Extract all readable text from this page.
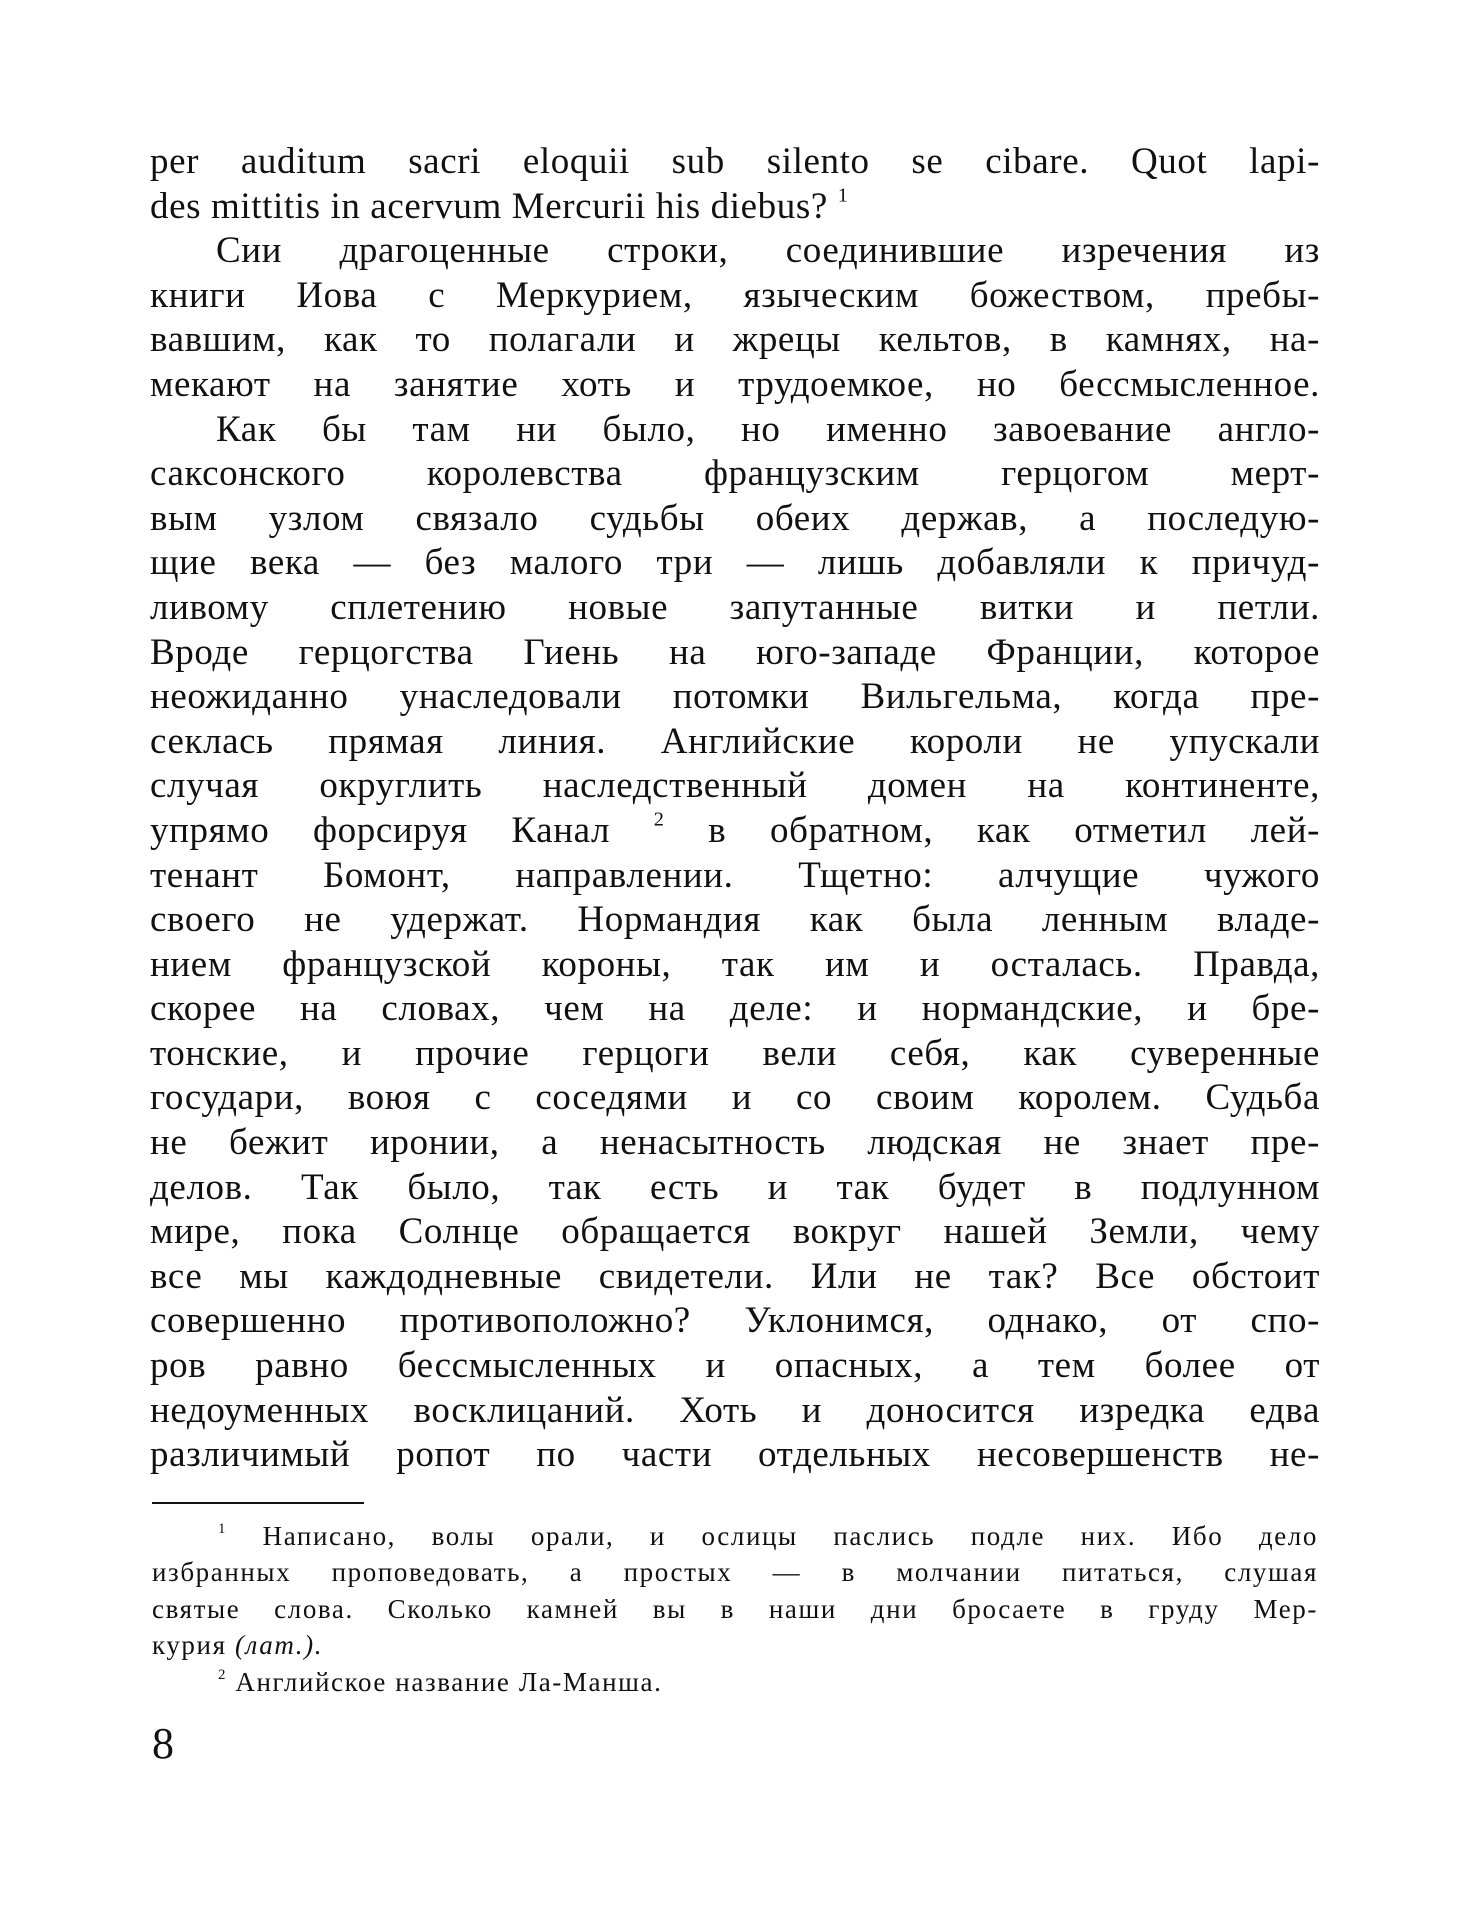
per auditum sacri eloquii sub silento se cibare. Quot lapi-
des mittitis in acervum Mercurii his diebus? $^1$
Сии драгоценные строки, соединившие изречения из
книги Иова с Меркурием, языческим божеством, пребы-
вавшим, как то полагали и жрецы кельтов, в камнях, на-
мекают на занятие хоть и трудоемкое, но бессмысленное.
Как бы там ни было, но именно завоевание англо-
саксонского королевства французским герцогом мерт-
вым узлом связало судьбы обеих держав, а последую-
щие века — без малого три — лишь добавляли к причуд-
ливому сплетению новые запутанные витки и петли.
Вроде герцогства Гиень на юго-западе Франции, которое
неожиданно унаследовали потомки Вильгельма, когда пре-
секлась прямая линия. Английские короли не упускали
случая округлить наследственный домен на континенте,
упрямо форсируя Канал $^2$ в обратном, как отметил лей-
тенант Бомонт, направлении. Тщетно: алчущие чужого
своего не удержат. Нормандия как была ленным владе-
нием французской короны, так им и осталась. Правда,
скорее на словах, чем на деле: и нормандские, и бре-
тонские, и прочие герцоги вели себя, как суверенные
государи, воюя с соседями и со своим королем. Судьба
не бежит иронии, а ненасытность людская не знает пре-
делов. Так было, так есть и так будет в подлунном
мире, пока Солнце обращается вокруг нашей Земли, чему
все мы каждодневные свидетели. Или не так? Все обстоит
совершенно противоположно? Уклонимся, однако, от спо-
ров равно бессмысленных и опасных, а тем более от
недоуменных восклицаний. Хоть и доносится изредка едва
различимый ропот по части отдельных несовершенств не-
$^1$ Написано, волы орали, и ослицы паслись подле них. Ибо дело
избранных проповедовать, а простых — в молчании питаться, слушая
святые слова. Сколько камней вы в наши дни бросаете в груду Мер-
курия (лат.).
$^2$ Английское название Ла-Манша.
8
